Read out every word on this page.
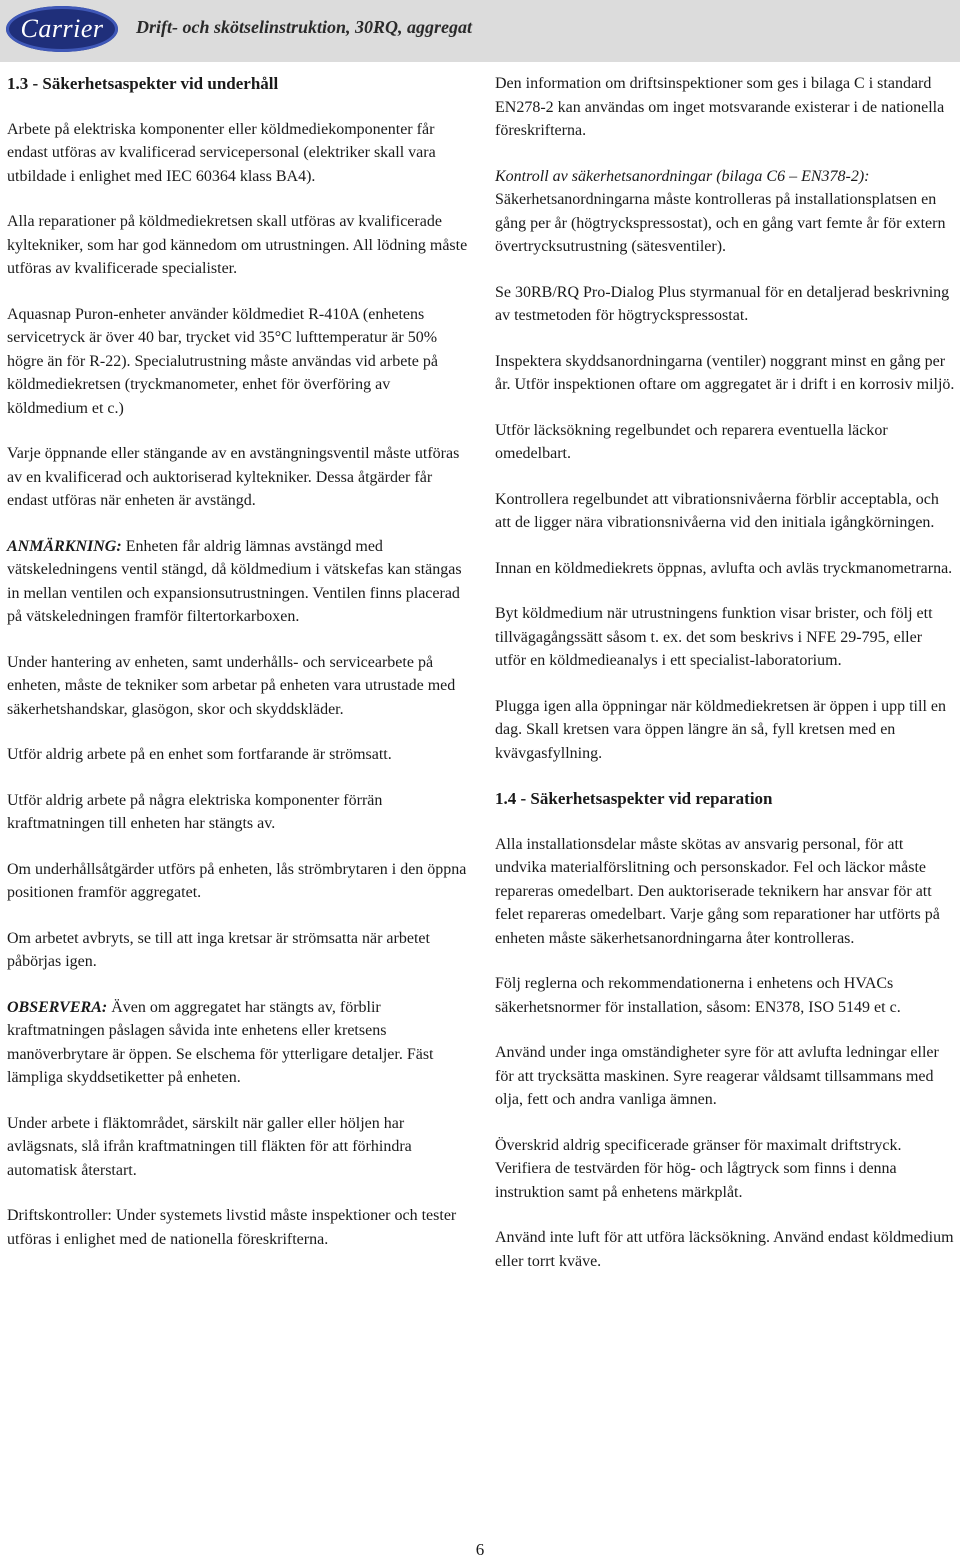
Carrier Drift- och skötselinstruktion, 30RQ, aggregat
1.3 - Säkerhetsaspekter vid underhåll

Arbete på elektriska komponenter eller köldmediekomponenter får endast utföras av kvalificerad servicepersonal (elektriker skall vara utbildade i enlighet med IEC 60364 klass BA4).

Alla reparationer på köldmediekretsen skall utföras av kvalificerade kyltekniker, som har god kännedom om utrustningen. All lödning måste utföras av kvalificerade specialister.

Aquasnap Puron-enheter använder köldmediet R-410A (enhetens servicetryck är över 40 bar, trycket vid 35°C lufttemperatur är 50% högre än för R-22). Specialutrustning måste användas vid arbete på köldmediekretsen (tryckmanometer, enhet för överföring av köldmedium et c.)

Varje öppnande eller stängande av en avstängningsventil måste utföras av en kvalificerad och auktoriserad kyltekniker. Dessa åtgärder får endast utföras när enheten är avstängd.

ANMÄRKNING: Enheten får aldrig lämnas avstängd med vätskeledningens ventil stängd, då köldmedium i vätskefas kan stängas in mellan ventilen och expansionsutrustningen. Ventilen finns placerad på vätskeledningen framför filtertorkarboxen.

Under hantering av enheten, samt underhålls- och servicearbete på enheten, måste de tekniker som arbetar på enheten vara utrustade med säkerhetshandskar, glasögon, skor och skyddskläder.

Utför aldrig arbete på en enhet som fortfarande är strömsatt.

Utför aldrig arbete på några elektriska komponenter förrän kraftmatningen till enheten har stängts av.

Om underhållsåtgärder utförs på enheten, lås strömbrytaren i den öppna positionen framför aggregatet.

Om arbetet avbryts, se till att inga kretsar är strömsatta när arbetet påbörjas igen.

OBSERVERA: Även om aggregatet har stängts av, förblir kraftmatningen påslagen såvida inte enhetens eller kretsens manöverbrytare är öppen. Se elschema för ytterligare detaljer. Fäst lämpliga skyddsetiketter på enheten.

Under arbete i fläktområdet, särskilt när galler eller höljen har avlägsnats, slå ifrån kraftmatningen till fläkten för att förhindra automatisk återstart.

Driftskontroller: Under systemets livstid måste inspektioner och tester utföras i enlighet med de nationella föreskrifterna.

Den information om driftsinspektioner som ges i bilaga C i standard EN278-2 kan användas om inget motsvarande existerar i de nationella föreskrifterna.

Kontroll av säkerhetsanordningar (bilaga C6 – EN378-2):
Säkerhetsanordningarna måste kontrolleras på installationsplatsen en gång per år (högtryckspressostat), och en gång vart femte år för extern övertrycksutrustning (sätesventiler).

Se 30RB/RQ Pro-Dialog Plus styrmanual för en detaljerad beskrivning av testmetoden för högtryckspressostat.

Inspektera skyddsanordningarna (ventiler) noggrant minst en gång per år. Utför inspektionen oftare om aggregatet är i drift i en korrosiv miljö.

Utför läcksökning regelbundet och reparera eventuella läckor omedelbart.

Kontrollera regelbundet att vibrationsnivåerna förblir acceptabla, och att de ligger nära vibrationsnivåerna vid den initiala igångkörningen.

Innan en köldmediekrets öppnas, avlufta och avläs tryckmanometrarna.

Byt köldmedium när utrustningens funktion visar brister, och följ ett tillvägagångssätt såsom t. ex. det som beskrivs i NFE 29-795, eller utför en köldmedieanalys i ett specialist-laboratorium.

Plugga igen alla öppningar när köldmediekretsen är öppen i upp till en dag. Skall kretsen vara öppen längre än så, fyll kretsen med en kvävgasfyllning.

1.4 - Säkerhetsaspekter vid reparation

Alla installationsdelar måste skötas av ansvarig personal, för att undvika materialförslitning och personskador. Fel och läckor måste repareras omedelbart. Den auktoriserade teknikern har ansvar för att felet repareras omedelbart. Varje gång som reparationer har utförts på enheten måste säkerhetsanordningarna åter kontrolleras.

Följ reglerna och rekommendationerna i enhetens och HVACs säkerhetsnormer för installation, såsom: EN378, ISO 5149 et c.

Använd under inga omständigheter syre för att avlufta ledningar eller för att trycksätta maskinen. Syre reagerar våldsamt tillsammans med olja, fett och andra vanliga ämnen.

Överskrid aldrig specificerade gränser för maximalt driftstryck. Verifiera de testvärden för hög- och lågtryck som finns i denna instruktion samt på enhetens märkplåt.

Använd inte luft för att utföra läcksökning. Använd endast köldmedium eller torrt kväve.

6
